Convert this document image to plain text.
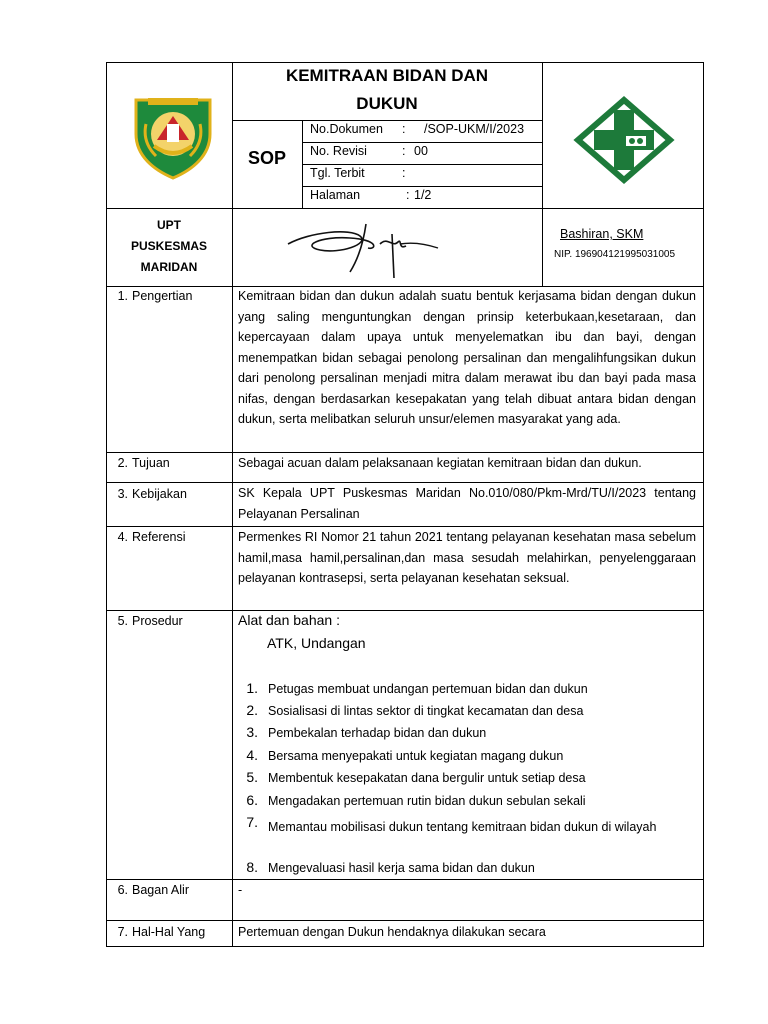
KEMITRAAN BIDAN DAN
DUKUN
SOP
No.Dokumen : /SOP-UKM/I/2023
No. Revisi	: 00
Tgl. Terbit	:
Halaman	: 1/2
UPT
PUSKESMAS
MARIDAN
Bashiran, SKM
NIP. 196904121995031005
1. Pengertian	Kemitraan bidan dan dukun adalah suatu bentuk kerjasama bidan dengan dukun yang saling menguntungkan dengan prinsip keterbukaan,kesetaraan, dan kepercayaan dalam upaya untuk menyelematkan ibu dan bayi, dengan menempatkan bidan sebagai penolong persalinan dan mengalihfungsikan dukun dari penolong persalinan menjadi mitra dalam merawat ibu dan bayi pada masa nifas, dengan berdasarkan kesepakatan yang telah dibuat antara bidan dengan dukun, serta melibatkan seluruh unsur/elemen masyarakat yang ada.
2. Tujuan	Sebagai acuan dalam pelaksanaan kegiatan kemitraan bidan dan dukun.
3. Kebijakan	SK Kepala UPT Puskesmas Maridan No.010/080/Pkm-Mrd/TU/I/2023 tentang Pelayanan Persalinan
4. Referensi	Permenkes RI Nomor 21 tahun 2021 tentang pelayanan kesehatan masa sebelum hamil,masa hamil,persalinan,dan masa sesudah melahirkan, penyelenggaraan pelayanan kontrasepsi, serta pelayanan kesehatan seksual.
5. Prosedur	Alat dan bahan :
ATK, Undangan
1. Petugas membuat undangan pertemuan bidan dan dukun
2. Sosialisasi di lintas sektor di tingkat kecamatan dan desa
3. Pembekalan terhadap bidan dan dukun
4. Bersama menyepakati untuk kegiatan magang dukun
5. Membentuk kesepakatan dana bergulir untuk setiap desa
6. Mengadakan pertemuan rutin bidan dukun sebulan sekali
7. Memantau mobilisasi dukun tentang kemitraan bidan dukun di wilayah
8. Mengevaluasi hasil kerja sama bidan dan dukun
6. Bagan Alir	-
7. Hal-Hal Yang	Pertemuan dengan Dukun hendaknya dilakukan secara
